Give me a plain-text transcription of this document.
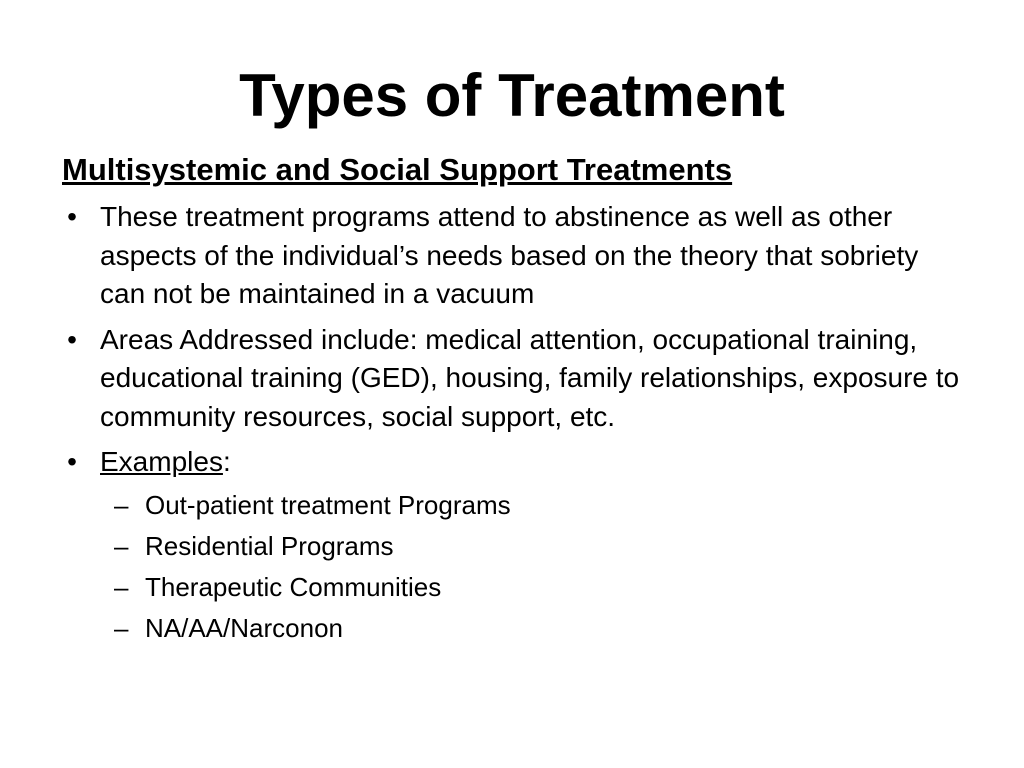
Types of Treatment
Multisystemic and Social Support Treatments
• These treatment programs attend to abstinence as well as other aspects of the individual’s needs based on the theory that sobriety can not be maintained in a vacuum
• Areas Addressed include: medical attention, occupational training, educational training (GED), housing, family relationships, exposure to community resources, social support, etc.
• Examples:
– Out-patient treatment Programs
– Residential Programs
– Therapeutic Communities
– NA/AA/Narconon
